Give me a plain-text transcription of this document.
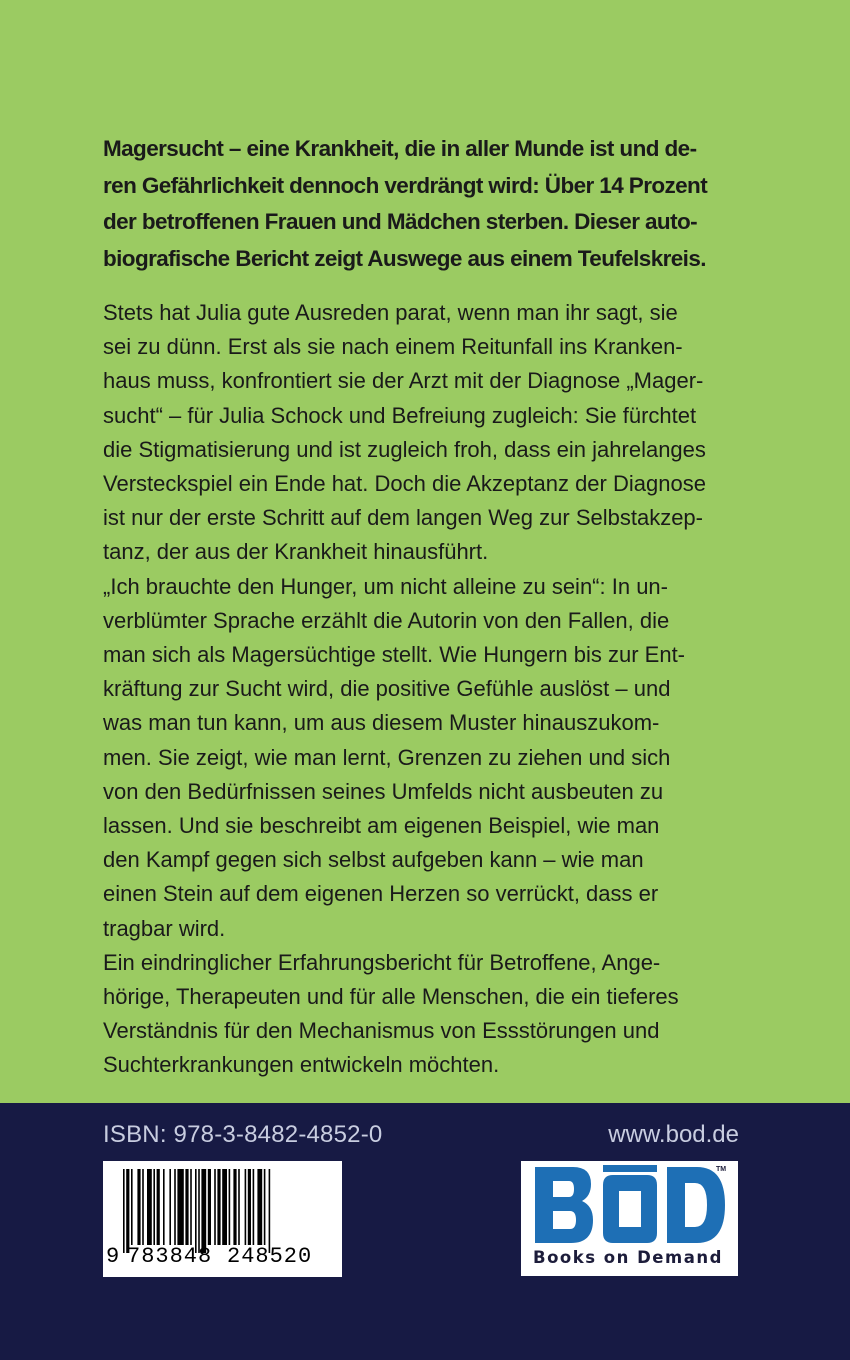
Magersucht – eine Krankheit, die in aller Munde ist und de-

ren Gefährlichkeit dennoch verdrängt wird: Über 14 Prozent

der betroffenen Frauen und Mädchen sterben. Dieser auto-

biografische Bericht zeigt Auswege aus einem Teufelskreis.

Stets hat Julia gute Ausreden parat, wenn man ihr sagt, sie

sei zu dünn. Erst als sie nach einem Reitunfall ins Kranken-

haus muss, konfrontiert sie der Arzt mit der Diagnose „Mager-

sucht“ – für Julia Schock und Befreiung zugleich: Sie fürchtet

die Stigmatisierung und ist zugleich froh, dass ein jahrelanges

Versteckspiel ein Ende hat. Doch die Akzeptanz der Diagnose

ist nur der erste Schritt auf dem langen Weg zur Selbstakzep-

tanz, der aus der Krankheit hinausführt.

„Ich brauchte den Hunger, um nicht alleine zu sein“: In un-

verblümter Sprache erzählt die Autorin von den Fallen, die

man sich als Magersüchtige stellt. Wie Hungern bis zur Ent-

kräftung zur Sucht wird, die positive Gefühle auslöst – und

was man tun kann, um aus diesem Muster hinauszukom-

men. Sie zeigt, wie man lernt, Grenzen zu ziehen und sich

von den Bedürfnissen seines Umfelds nicht ausbeuten zu

lassen. Und sie beschreibt am eigenen Beispiel, wie man

den Kampf gegen sich selbst aufgeben kann – wie man

einen Stein auf dem eigenen Herzen so verrückt, dass er

tragbar wird.

Ein eindringlicher Erfahrungsbericht für Betroffene, Ange-

hörige, Therapeuten und für alle Menschen, die ein tieferes

Verständnis für den Mechanismus von Essstörungen und

Suchterkrankungen entwickeln möchten.

ISBN: 978-3-8482-4852-0	www.bod.de
9 783848 248520
TM
Books on Demand
